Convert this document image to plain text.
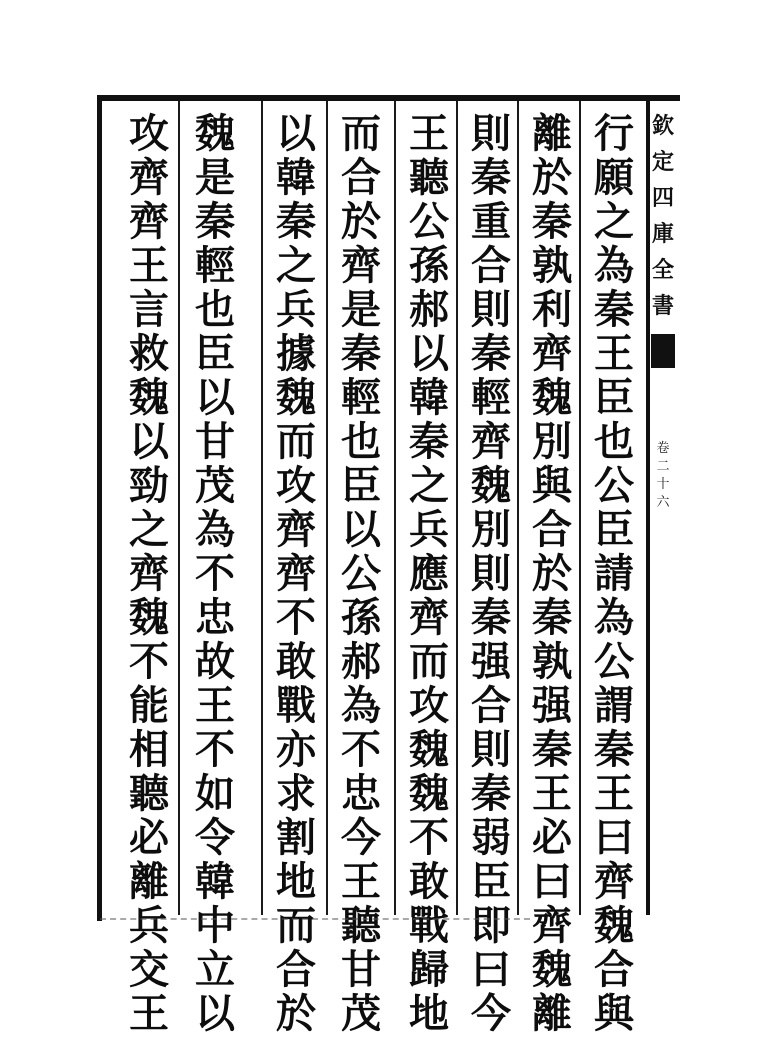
欽
定
四
庫
全
書
卷
二
十
六
行
願
之
為
秦
王
臣
也
公
臣
請
為
公
謂
秦
王
曰
齊
魏
合
與
離
於
秦
孰
利
齊
魏
別
與
合
於
秦
孰
强
秦
王
必
曰
齊
魏
離
則
秦
重
合
則
秦
輕
齊
魏
別
則
秦
强
合
則
秦
弱
臣
即
曰
今
王
聽
公
孫
郝
以
韓
秦
之
兵
應
齊
而
攻
魏
魏
不
敢
戰
歸
地
而
合
於
齊
是
秦
輕
也
臣
以
公
孫
郝
為
不
忠
今
王
聽
甘
茂
以
韓
秦
之
兵
據
魏
而
攻
齊
齊
不
敢
戰
亦
求
割
地
而
合
於
魏
是
秦
輕
也
臣
以
甘
茂
為
不
忠
故
王
不
如
令
韓
中
立
以
攻
齊
齊
王
言
救
魏
以
勁
之
齊
魏
不
能
相
聽
必
離
兵
交
王
